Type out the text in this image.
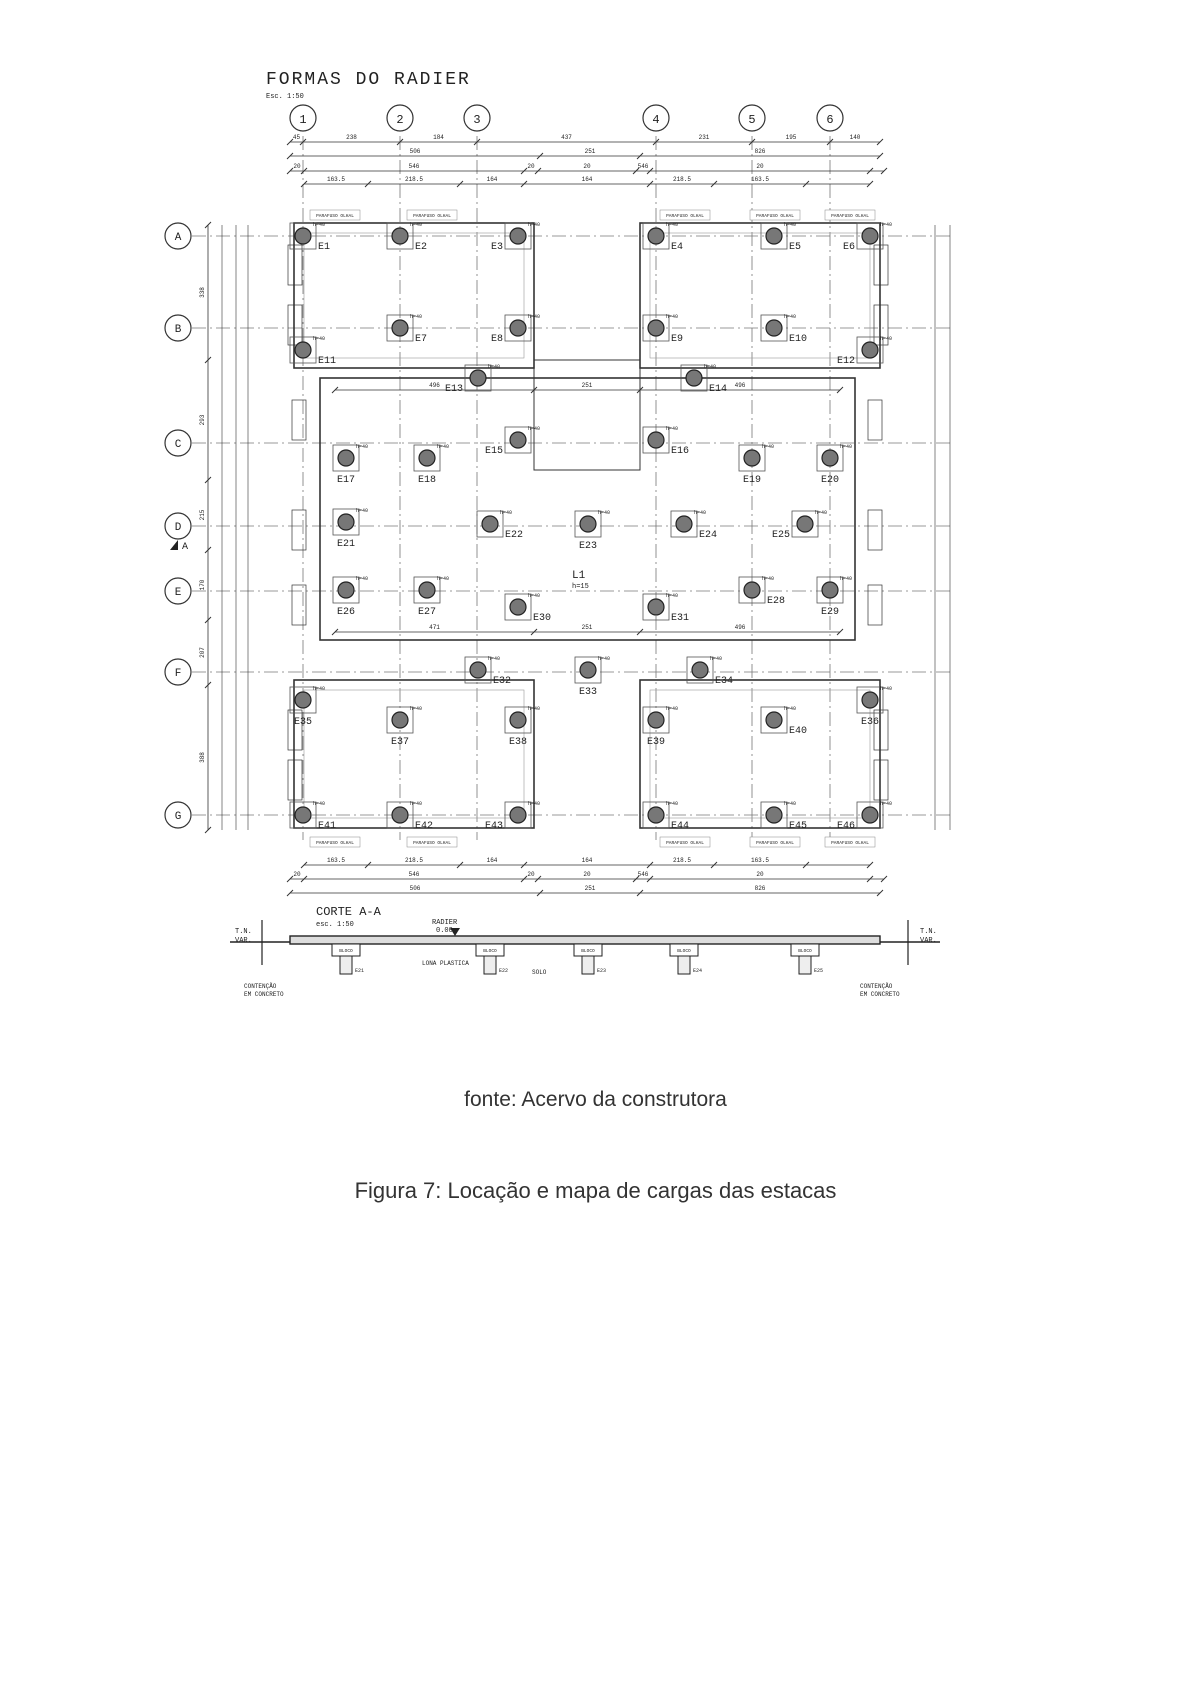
1	2	3	4	5	6
A
B
C
D
E
F
G
PARAFUSO OLHAL	PARAFUSO OLHAL	PARAFUSO OLHAL	PARAFUSO OLHAL	PARAFUSO OLHAL
PARAFUSO OLHAL	PARAFUSO OLHAL	PARAFUSO OLHAL	PARAFUSO OLHAL	PARAFUSO OLHAL
45	238	184	437	231	195	140
506	251	826
20	546	20	20	546	20
163.5	218.5	164	164	218.5	163.5
163.5	218.5	164	164	218.5	163.5
20	546	20	20	546	20
506	251	826
496	251	496
471	251	496
338
293
215
170
207
388
h=40
E1
h=40
E2
h=40
E3
h=40
E4
h=40
E5
h=40
E6
h=40
E7
h=40
E8
h=40
E9
h=40
E10
h=40
E11
h=40
E12
h=40
E13
h=40
E14
h=40
E15
h=40
E16
h=40
E17
h=40
E18
h=40
E19
h=40
E20
h=40
E21
h=40
E22
h=40
E23
h=40
E24
h=40
E25
h=40
E26
h=40
E27
h=40
E28
h=40
E29
h=40
E30
h=40
E31
h=40
E32
h=40
E33
h=40
E34
h=40
E35
h=40
E36
h=40
E37
h=40
E38
h=40
E39
h=40
E40
h=40
E41
h=40
E42
h=40
E43
h=40
E44
h=40
E45
h=40
E46
BLOCO
E21
BLOCO
E22
BLOCO
E23
BLOCO
E24
BLOCO
E25
FORMAS DO RADIER
Esc. 1:50
L1
h=15
A
CORTE A-A
esc. 1:50	RADIER
0.00
T.N.
VAR.
T.N.
VAR.
LONA PLASTICA
SOLO
CONTENÇÃO
EM CONCRETO
CONTENÇÃO
EM CONCRETO
fonte: Acervo da construtora
Figura 7: Locação e mapa de cargas das estacas
